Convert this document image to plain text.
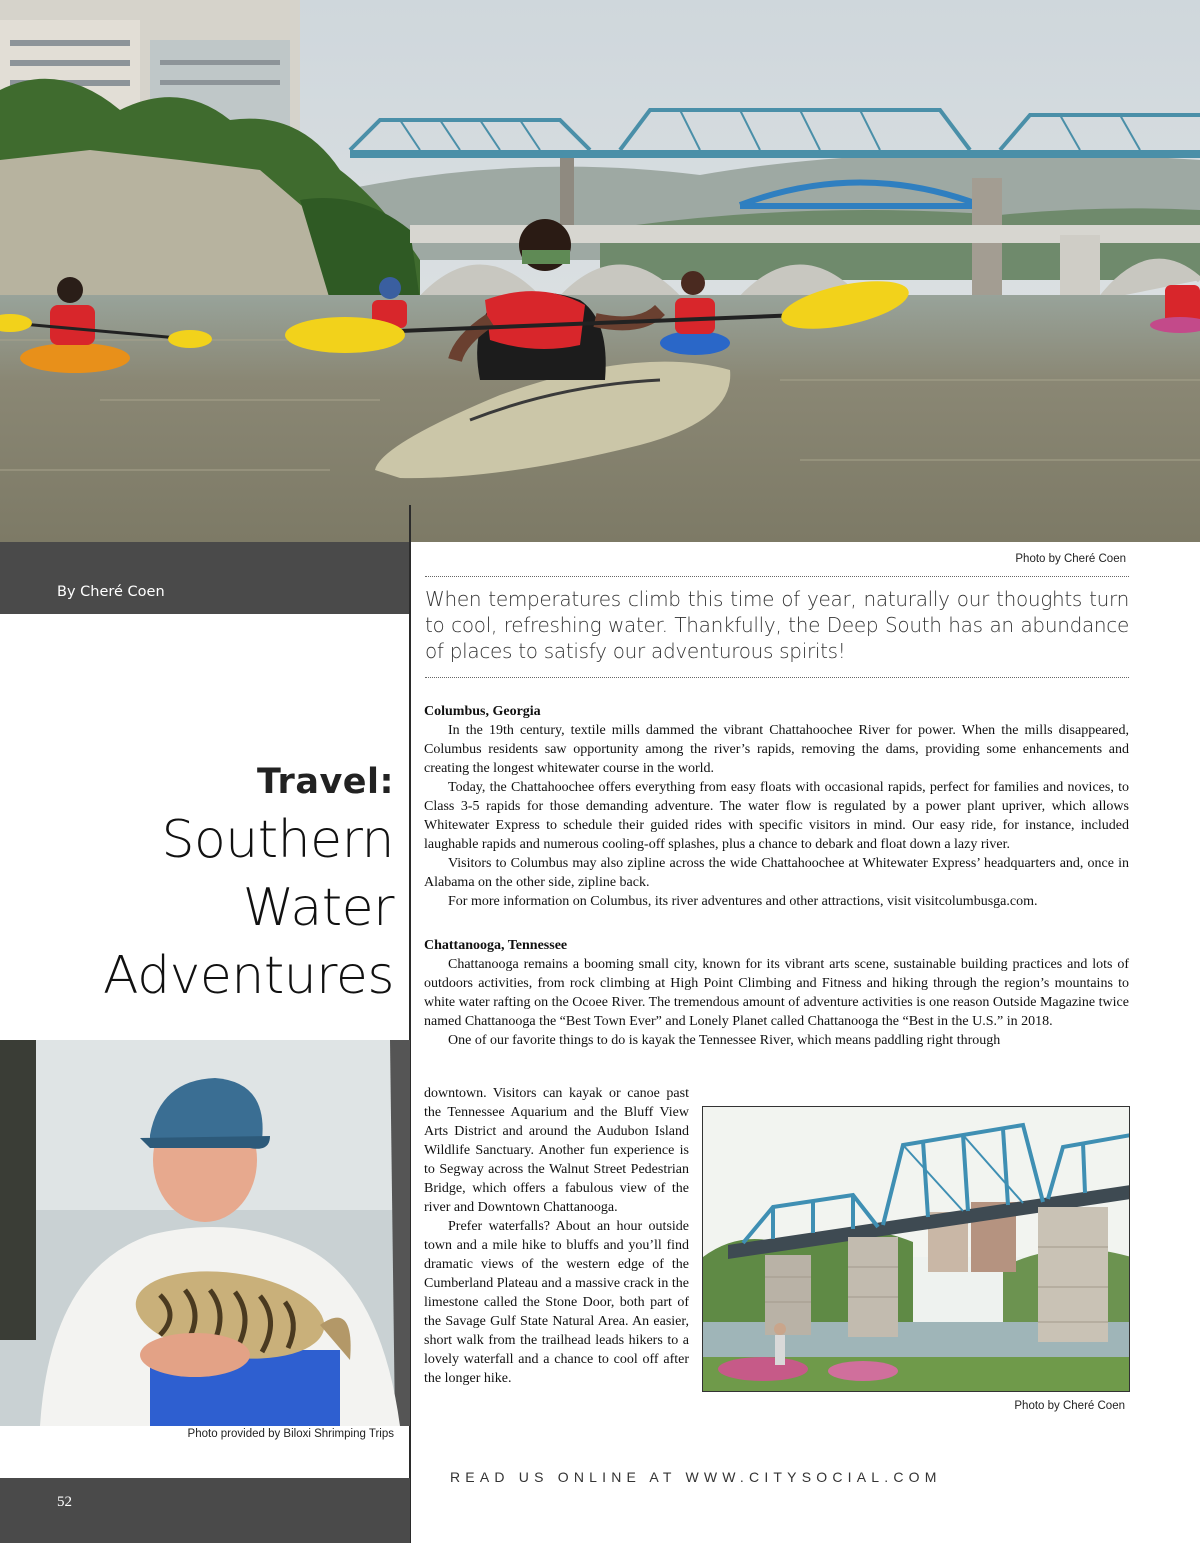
By Cheré Coen
Travel:
Southern
Water
Adventures
Photo provided by Biloxi Shrimping Trips
52
Photo by Cheré Coen
When temperatures climb this time of year, naturally our thoughts turn to cool, refreshing water. Thankfully, the Deep South has an abundance of places to satisfy our adventurous spirits!
Columbus, Georgia

In the 19th century, textile mills dammed the vibrant Chattahoochee River for power. When the mills disappeared, Columbus residents saw opportunity among the river’s rapids, removing the dams, providing some enhancements and creating the longest whitewater course in the world.

Today, the Chattahoochee offers everything from easy floats with occasional rapids, perfect for families and novices, to Class 3-5 rapids for those demanding adventure. The water flow is regulated by a power plant upriver, which allows Whitewater Express to schedule their guided rides with specific visitors in mind. Our easy ride, for instance, included laughable rapids and numerous cooling-off splashes, plus a chance to debark and float down a lazy river.

Visitors to Columbus may also zipline across the wide Chattahoochee at Whitewater Express’ headquarters and, once in Alabama on the other side, zipline back.

For more information on Columbus, its river adventures and other attractions, visit visitcolumbusga.com.

Chattanooga, Tennessee

Chattanooga remains a booming small city, known for its vibrant arts scene, sustainable building practices and lots of outdoors activities, from rock climbing at High Point Climbing and Fitness and hiking through the region’s mountains to white water rafting on the Ocoee River. The tremendous amount of adventure activities is one reason Outside Magazine twice named Chattanooga the “Best Town Ever” and Lonely Planet called Chattanooga the “Best in the U.S.” in 2018.

One of our favorite things to do is kayak the Tennessee River, which means paddling right through

downtown. Visitors can kayak or canoe past the Tennessee Aquarium and the Bluff View Arts District and around the Audubon Island Wildlife Sanctuary. Another fun experience is to Segway across the Walnut Street Pedestrian Bridge, which offers a fabulous view of the river and Downtown Chattanooga.

Prefer waterfalls? About an hour outside town and a mile hike to bluffs and you’ll find dramatic views of the western edge of the Cumberland Plateau and a massive crack in the limestone called the Stone Door, both part of the Savage Gulf State Natural Area. An easier, short walk from the trailhead leads hikers to a lovely waterfall and a chance to cool off after the longer hike.

Photo by Cheré Coen
READ US ONLINE AT WWW.CITYSOCIAL.COM
